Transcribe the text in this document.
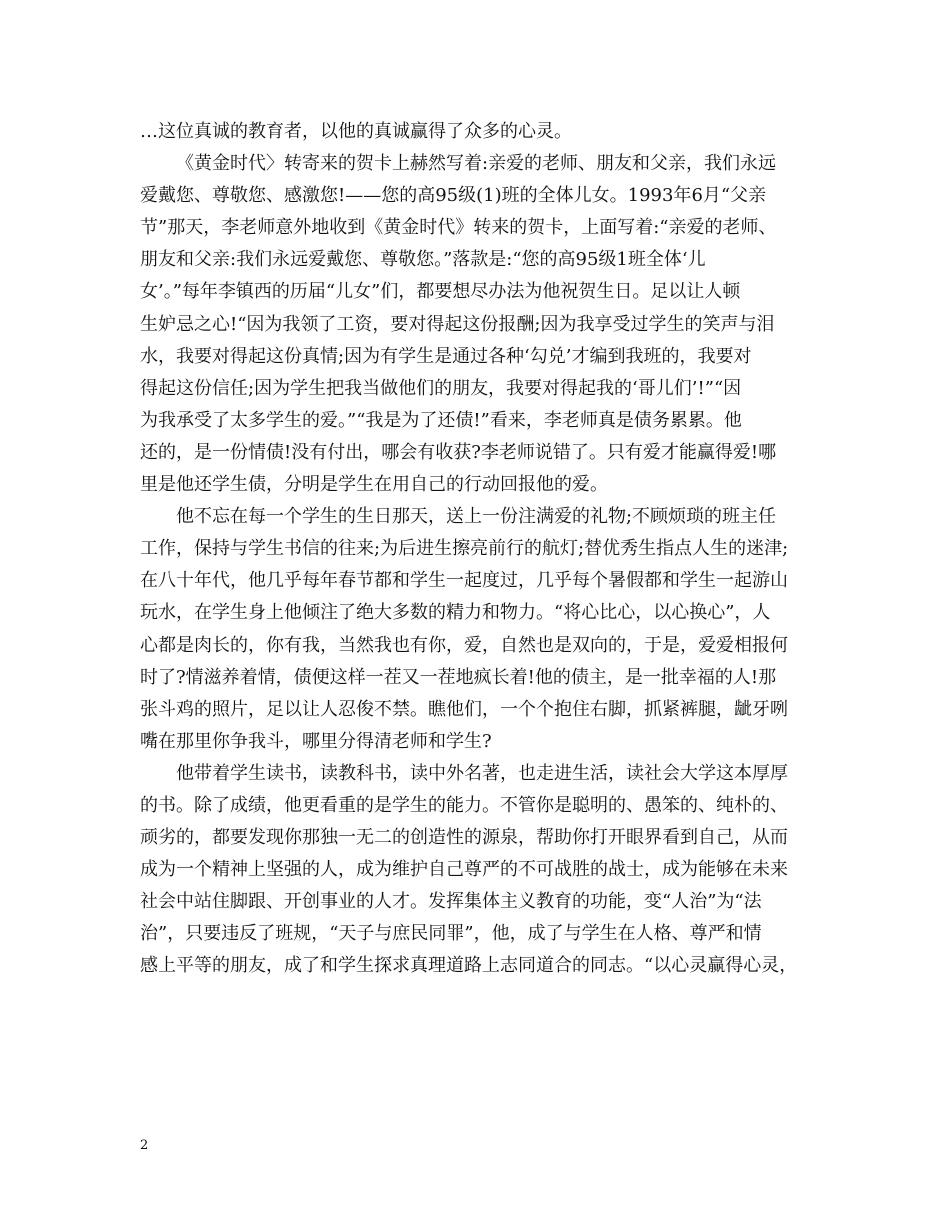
…这位真诚的教育者，以他的真诚赢得了众多的心灵。
《黄金时代〉转寄来的贺卡上赫然写着:亲爱的老师、朋友和父亲，我们永远
爱戴您、尊敬您、感激您!——您的高95级(1)班的全体儿女。1993年6月“父亲
节”那天，李老师意外地收到《黄金时代》转来的贺卡，上面写着:“亲爱的老师、
朋友和父亲:我们永远爱戴您、尊敬您。”落款是:“您的高95级1班全体‘儿
女’。”每年李镇西的历届“儿女”们，都要想尽办法为他祝贺生日。足以让人顿
生妒忌之心!“因为我领了工资，要对得起这份报酬;因为我享受过学生的笑声与泪
水，我要对得起这份真情;因为有学生是通过各种‘勾兑’才编到我班的，我要对
得起这份信任;因为学生把我当做他们的朋友，我要对得起我的‘哥儿们’!”“因
为我承受了太多学生的爱。”“我是为了还债!”看来，李老师真是债务累累。他
还的，是一份情债!没有付出，哪会有收获?李老师说错了。只有爱才能赢得爱!哪
里是他还学生债，分明是学生在用自己的行动回报他的爱。
他不忘在每一个学生的生日那天，送上一份注满爱的礼物;不顾烦琐的班主任
工作，保持与学生书信的往来;为后进生擦亮前行的航灯;替优秀生指点人生的迷津;
在八十年代，他几乎每年春节都和学生一起度过，几乎每个暑假都和学生一起游山
玩水，在学生身上他倾注了绝大多数的精力和物力。“将心比心，以心换心”，人
心都是肉长的，你有我，当然我也有你，爱，自然也是双向的，于是，爱爱相报何
时了?情滋养着情，债便这样一茬又一茬地疯长着!他的债主，是一批幸福的人!那
张斗鸡的照片，足以让人忍俊不禁。瞧他们，一个个抱住右脚，抓紧裤腿，龇牙咧
嘴在那里你争我斗，哪里分得清老师和学生?
他带着学生读书，读教科书，读中外名著，也走进生活，读社会大学这本厚厚
的书。除了成绩，他更看重的是学生的能力。不管你是聪明的、愚笨的、纯朴的、
顽劣的，都要发现你那独一无二的创造性的源泉，帮助你打开眼界看到自己，从而
成为一个精神上坚强的人，成为维护自己尊严的不可战胜的战士，成为能够在未来
社会中站住脚跟、开创事业的人才。发挥集体主义教育的功能，变“人治”为“法
治”，只要违反了班规，“天子与庶民同罪”，他，成了与学生在人格、尊严和情
感上平等的朋友，成了和学生探求真理道路上志同道合的同志。“以心灵赢得心灵，
2
